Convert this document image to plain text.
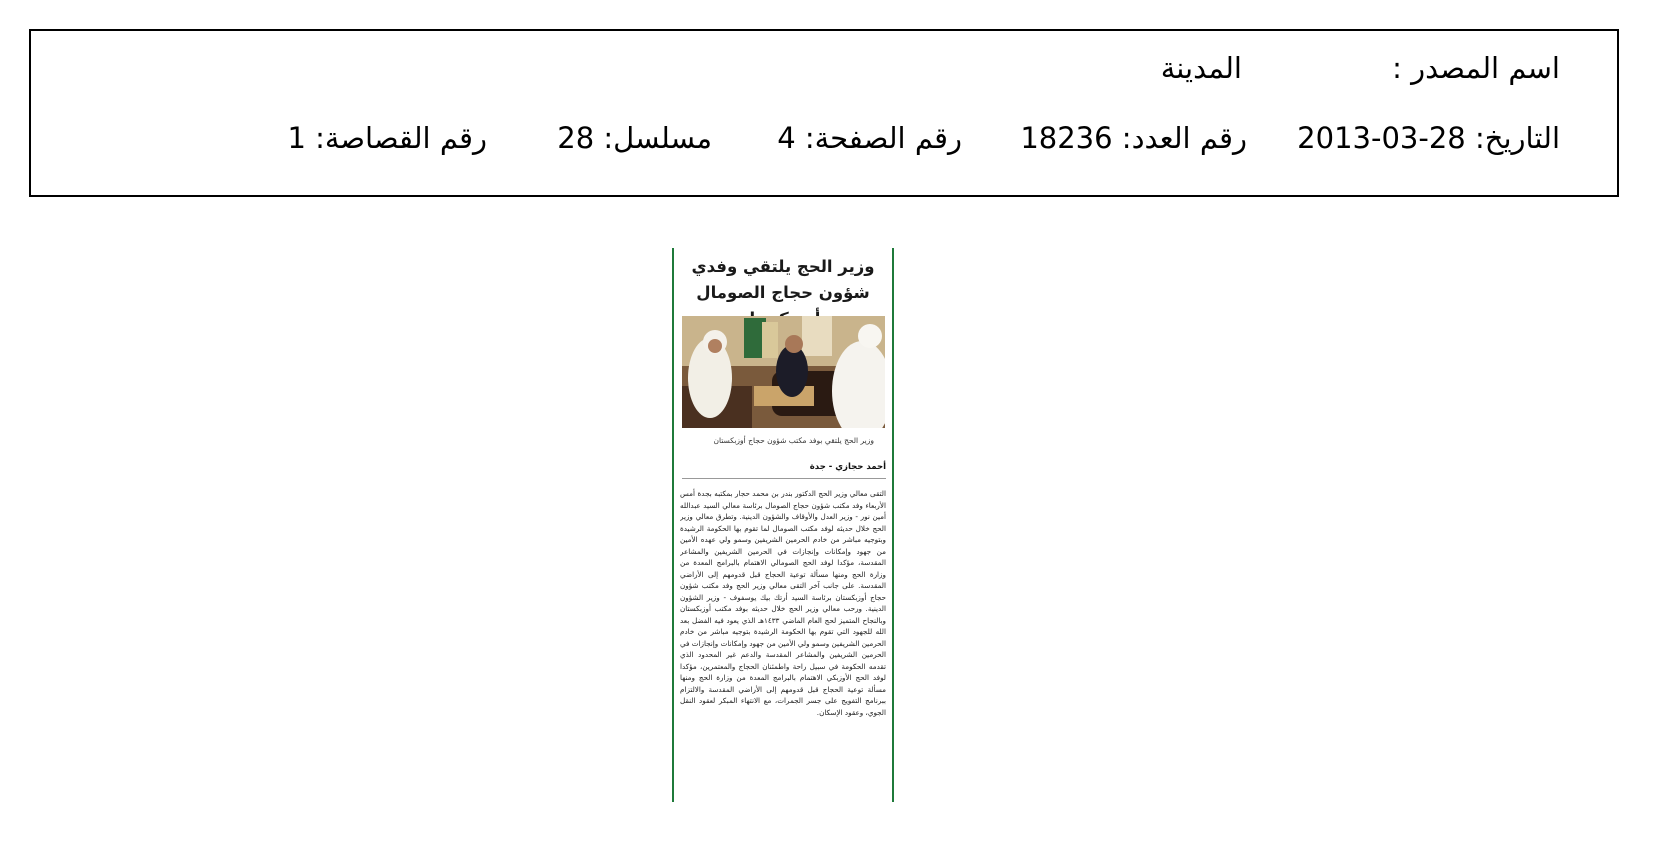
اسم المصدر :
المدينة
التاريخ: 28-03-2013
رقم العدد: 18236
رقم الصفحة: 4
مسلسل: 28
رقم القصاصة: 1
وزير الحج يلتقي وفدي شؤون حجاج الصومال
وزير الحج يلتقي بوفد مكتب شؤون حجاج أوزبكستان
أحمد حجازي - جدة
التقى معالي وزير الحج الدكتور بندر بن محمد حجار بمكتبه بجدة أمس الأربعاء وفد مكتب شؤون حجاج الصومال برئاسة معالي السيد عبدالله أمين نور - وزير العدل والأوقاف والشؤون الدينية. وتطرق معالي وزير الحج خلال حديثه لوفد مكتب الصومال لما تقوم بها الحكومة الرشيدة وبتوجيه مباشر من خادم الحرمين الشريفين وسمو ولي عهده الأمين من جهود وإمكانات وإنجازات في الحرمين الشريفين والمشاعر المقدسة، مؤكدا لوفد الحج الصومالي الاهتمام بالبرامج المعدة من وزارة الحج ومنها مسألة توعية الحجاج قبل قدومهم إلى الأراضي المقدسة. على جانب آخر التقى معالي وزير الحج وفد مكتب شؤون حجاج أوزبكستان برئاسة السيد أرتك بيك يوسفوف - وزير الشؤون الدينية. ورحب معالي وزير الحج خلال حديثه بوفد مكتب أوزبكستان وبالنجاح المتميز لحج العام الماضي ١٤٣٣هـ الذي يعود فيه الفضل بعد الله للجهود التي تقوم بها الحكومة الرشيدة بتوجيه مباشر من خادم الحرمين الشريفين وسمو ولي الأمين من جهود وإمكانات وإنجازات في الحرمين الشريفين والمشاعر المقدسة والدعم غير المحدود الذي تقدمه الحكومة في سبيل راحة واطمئنان الحجاج والمعتمرين، مؤكدا لوفد الحج الأوزبكي الاهتمام بالبرامج المعدة من وزارة الحج ومنها مسألة توعية الحجاج قبل قدومهم إلى الأراضي المقدسة والالتزام ببرنامج التفويج على جسر الجمرات، مع الانتهاء المبكر لعقود النقل الجوي، وعقود الإسكان.
